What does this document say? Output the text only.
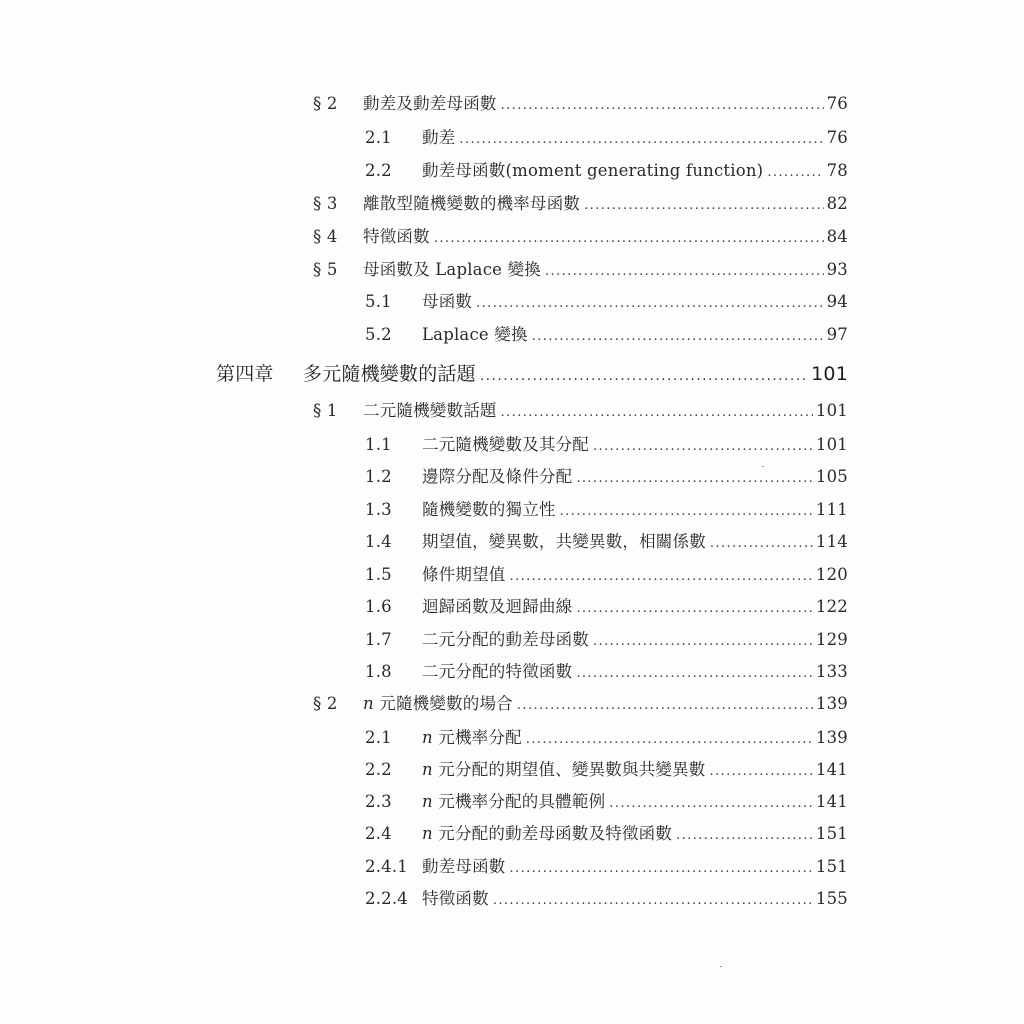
§ 2	動差及動差母函數 .....	76
2.1	動差 .....	76
2.2	動差母函數(moment generating function) .....	78
§ 3	離散型隨機變數的機率母函數 .....	82
§ 4	特徵函數 .....	84
§ 5	母函數及 Laplace 變換 .....	93
5.1	母函數 .....	94
5.2	Laplace 變換 .....	97
第四章	多元隨機變數的話題 .....	101
§ 1	二元隨機變數話題 .....	101
1.1	二元隨機變數及其分配 .....	101
1.2	邊際分配及條件分配 .....	105
1.3	隨機變數的獨立性 .....	111
1.4	期望值，變異數，共變異數，相關係數 .....	114
1.5	條件期望值 .....	120
1.6	迴歸函數及迴歸曲線 .....	122
1.7	二元分配的動差母函數 .....	129
1.8	二元分配的特徵函數 .....	133
§ 2	n 元隨機變數的場合 .....	139
2.1	n 元機率分配 .....	139
2.2	n 元分配的期望值、變異數與共變異數 .....	141
2.3	n 元機率分配的具體範例 .....	141
2.4	n 元分配的動差母函數及特徵函數 .....	151
2.4.1 動差母函數 .....	151
2.2.4 特徵函數 .....	155
